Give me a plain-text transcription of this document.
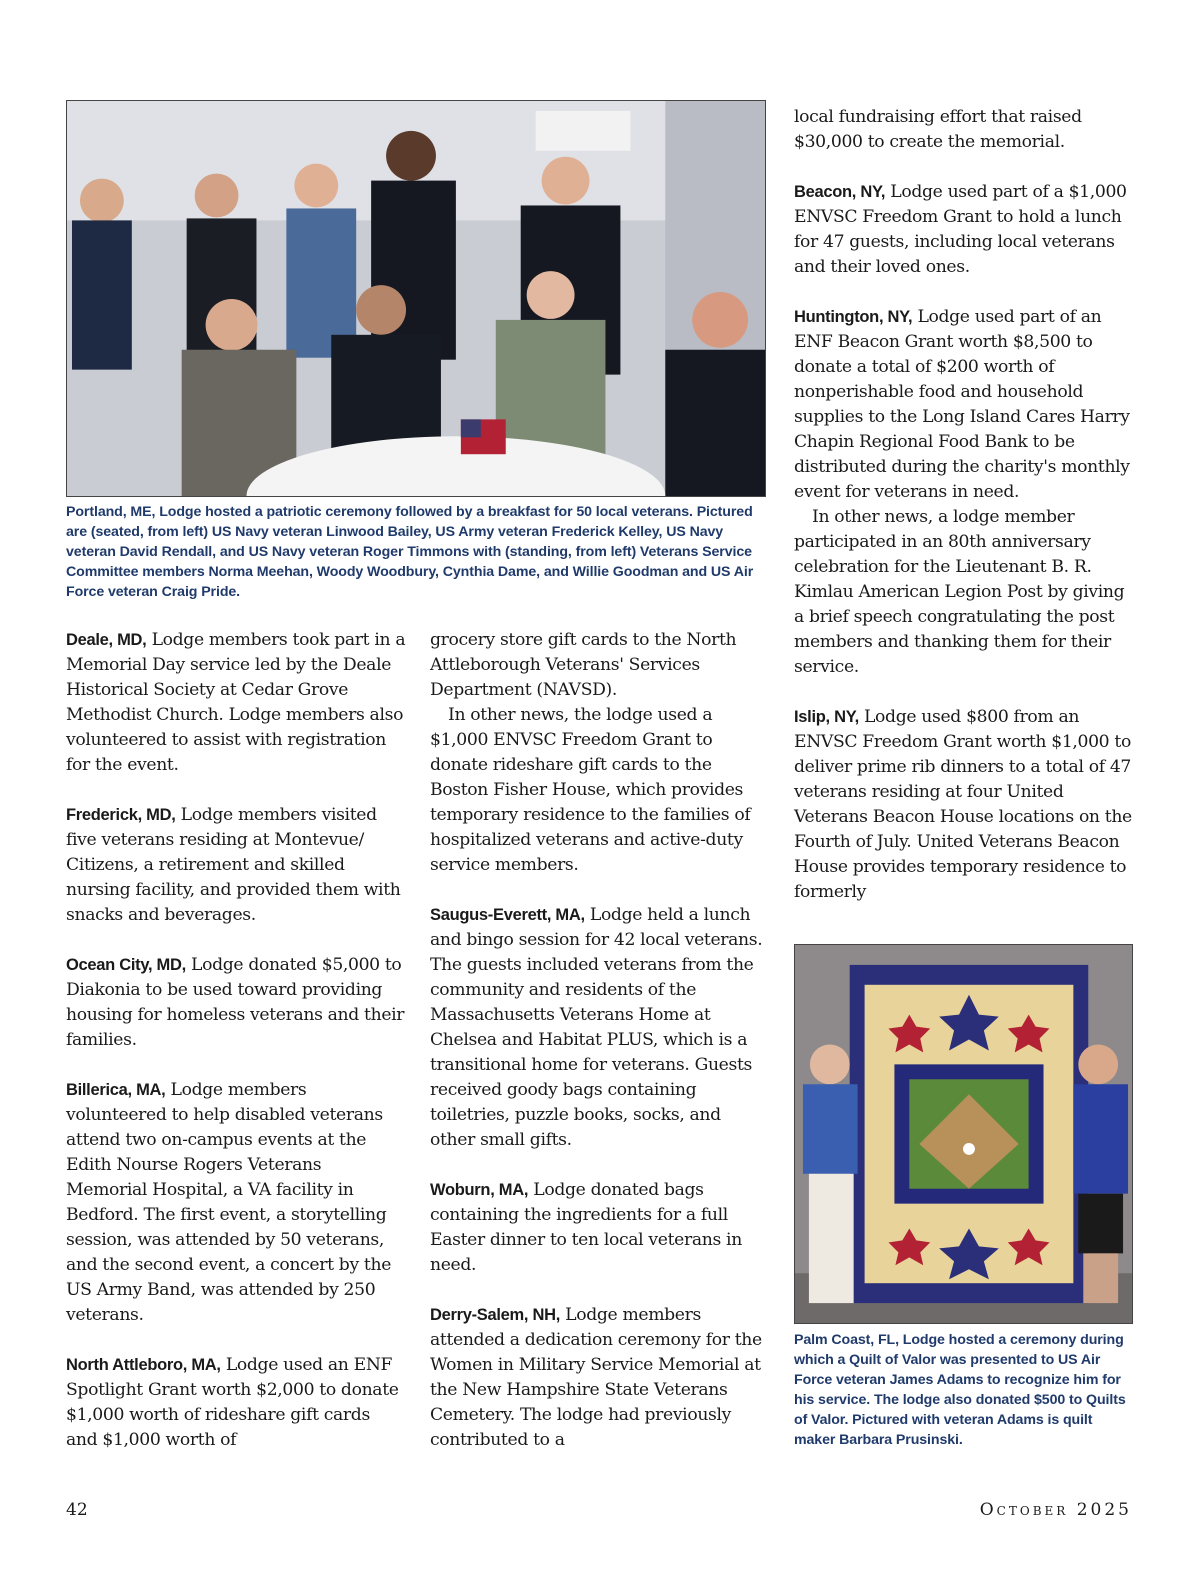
Portland, ME, Lodge hosted a patriotic ceremony followed by a breakfast for 50 local veterans. Pictured are (seated, from left) US Navy veteran Linwood Bailey, US Army veteran Frederick Kelley, US Navy veteran David Rendall, and US Navy veteran Roger Timmons with (standing, from left) Veterans Service Committee members Norma Meehan, Woody Woodbury, Cynthia Dame, and Willie Goodman and US Air Force veteran Craig Pride.

Deale, MD, Lodge members took part in a Memorial Day service led by the Deale Historical Society at Cedar Grove Methodist Church. Lodge members also volunteered to assist with registration for the event.

Frederick, MD, Lodge members visited five veterans residing at Montevue/ Citizens, a retirement and skilled nursing facility, and provided them with snacks and beverages.

Ocean City, MD, Lodge donated $5,000 to Diakonia to be used toward providing housing for homeless veterans and their families.

Billerica, MA, Lodge members volunteered to help disabled veterans attend two on-campus events at the Edith Nourse Rogers Veterans Memorial Hospital, a VA facility in Bedford. The first event, a storytelling session, was attended by 50 veterans, and the second event, a concert by the US Army Band, was attended by 250 veterans.

North Attleboro, MA, Lodge used an ENF Spotlight Grant worth $2,000 to donate $1,000 worth of rideshare gift cards and $1,000 worth of

grocery store gift cards to the North Attleborough Veterans' Services Department (NAVSD).

In other news, the lodge used a $1,000 ENVSC Freedom Grant to donate rideshare gift cards to the Boston Fisher House, which provides temporary residence to the families of hospitalized veterans and active-duty service members.

Saugus-Everett, MA, Lodge held a lunch and bingo session for 42 local veterans. The guests included veterans from the community and residents of the Massachusetts Veterans Home at Chelsea and Habitat PLUS, which is a transitional home for veterans. Guests received goody bags containing toiletries, puzzle books, socks, and other small gifts.

Woburn, MA, Lodge donated bags containing the ingredients for a full Easter dinner to ten local veterans in need.

Derry-Salem, NH, Lodge members attended a dedication ceremony for the Women in Military Service Memorial at the New Hampshire State Veterans Cemetery. The lodge had previously contributed to a

local fundraising effort that raised $30,000 to create the memorial.

Beacon, NY, Lodge used part of a $1,000 ENVSC Freedom Grant to hold a lunch for 47 guests, including local veterans and their loved ones.

Huntington, NY, Lodge used part of an ENF Beacon Grant worth $8,500 to donate a total of $200 worth of nonperishable food and household supplies to the Long Island Cares Harry Chapin Regional Food Bank to be distributed during the charity's monthly event for veterans in need.

In other news, a lodge member participated in an 80th anniversary celebration for the Lieutenant B. R. Kimlau American Legion Post by giving a brief speech congratulating the post members and thanking them for their service.

Islip, NY, Lodge used $800 from an ENVSC Freedom Grant worth $1,000 to deliver prime rib dinners to a total of 47 veterans residing at four United Veterans Beacon House locations on the Fourth of July. United Veterans Beacon House provides temporary residence to formerly

Palm Coast, FL, Lodge hosted a ceremony during which a Quilt of Valor was presented to US Air Force veteran James Adams to recognize him for his service. The lodge also donated $500 to Quilts of Valor. Pictured with veteran Adams is quilt maker Barbara Prusinski.
42	October 2025
